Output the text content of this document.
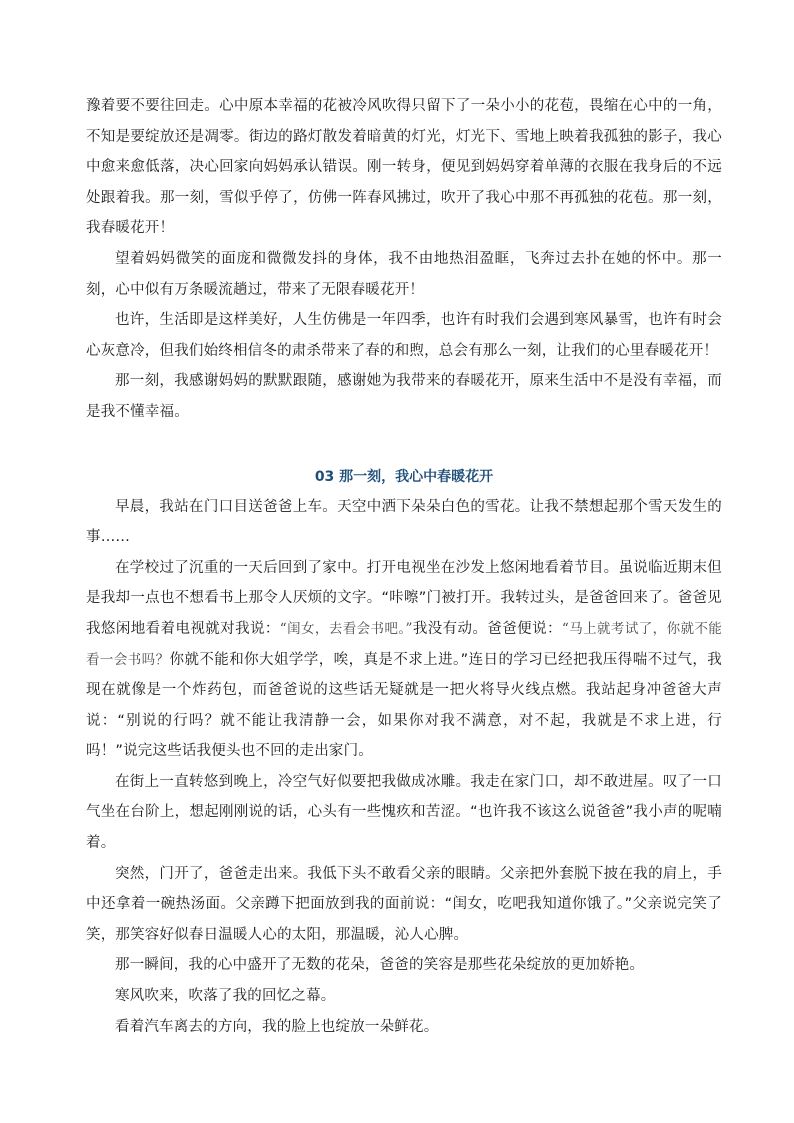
豫着要不要往回走。心中原本幸福的花被冷风吹得只留下了一朵小小的花苞，畏缩在心中的一角，不知是要绽放还是凋零。街边的路灯散发着暗黄的灯光，灯光下、雪地上映着我孤独的影子，我心中愈来愈低落，决心回家向妈妈承认错误。刚一转身，便见到妈妈穿着单薄的衣服在我身后的不远处跟着我。那一刻，雪似乎停了，仿佛一阵春风拂过，吹开了我心中那不再孤独的花苞。那一刻，我春暖花开！

望着妈妈微笑的面庞和微微发抖的身体，我不由地热泪盈眶，飞奔过去扑在她的怀中。那一刻，心中似有万条暖流趟过，带来了无限春暖花开！

也许，生活即是这样美好，人生仿佛是一年四季，也许有时我们会遇到寒风暴雪，也许有时会心灰意冷，但我们始终相信冬的肃杀带来了春的和煦，总会有那么一刻，让我们的心里春暖花开！

那一刻，我感谢妈妈的默默跟随，感谢她为我带来的春暖花开，原来生活中不是没有幸福，而是我不懂幸福。

03 那一刻，我心中春暖花开

早晨，我站在门口目送爸爸上车。天空中洒下朵朵白色的雪花。让我不禁想起那个雪天发生的事……

在学校过了沉重的一天后回到了家中。打开电视坐在沙发上悠闲地看着节目。虽说临近期末但是我却一点也不想看书上那令人厌烦的文字。“咔嚓”门被打开。我转过头，是爸爸回来了。爸爸见我悠闲地看着电视就对我说：“闺女，去看会书吧。”我没有动。爸爸便说：“马上就考试了，你就不能看一会书吗？你就不能和你大姐学学，唉，真是不求上进。”连日的学习已经把我压得喘不过气，我现在就像是一个炸药包，而爸爸说的这些话无疑就是一把火将导火线点燃。我站起身冲爸爸大声说：“别说的行吗？就不能让我清静一会，如果你对我不满意，对不起，我就是不求上进，行吗！”说完这些话我便头也不回的走出家门。

在街上一直转悠到晚上，冷空气好似要把我做成冰雕。我走在家门口，却不敢进屋。叹了一口气坐在台阶上，想起刚刚说的话，心头有一些愧疚和苦涩。“也许我不该这么说爸爸”我小声的呢喃着。

突然，门开了，爸爸走出来。我低下头不敢看父亲的眼睛。父亲把外套脱下披在我的肩上，手中还拿着一碗热汤面。父亲蹲下把面放到我的面前说：“闺女，吃吧我知道你饿了。”父亲说完笑了笑，那笑容好似春日温暖人心的太阳，那温暖，沁人心脾。

那一瞬间，我的心中盛开了无数的花朵，爸爸的笑容是那些花朵绽放的更加娇艳。

寒风吹来，吹落了我的回忆之幕。

看着汽车离去的方向，我的脸上也绽放一朵鲜花。
